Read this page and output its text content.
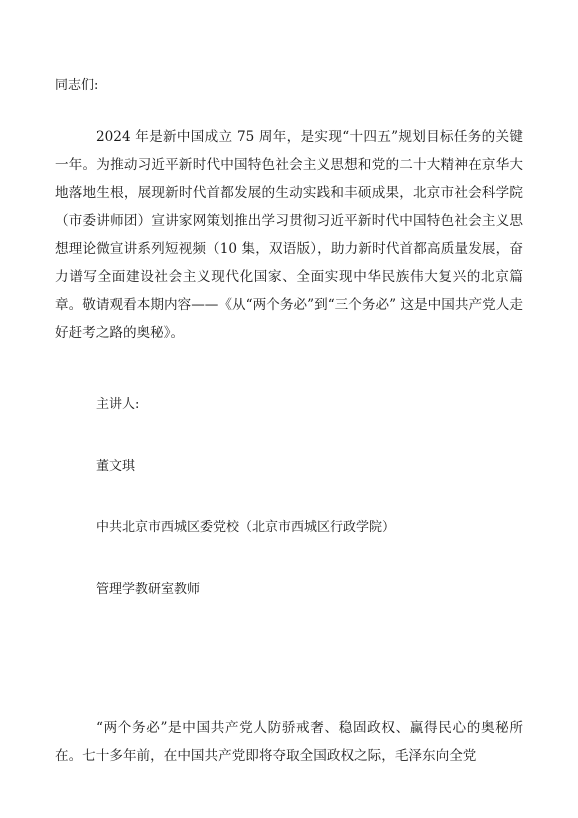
同志们:

2024 年是新中国成立 75 周年，是实现“十四五”规划目标任务的关键一年。为推动习近平新时代中国特色社会主义思想和党的二十大精神在京华大地落地生根，展现新时代首都发展的生动实践和丰硕成果，北京市社会科学院（市委讲师团）宣讲家网策划推出学习贯彻习近平新时代中国特色社会主义思想理论微宣讲系列短视频（10 集，双语版），助力新时代首都高质量发展，奋力谱写全面建设社会主义现代化国家、全面实现中华民族伟大复兴的北京篇章。敬请观看本期内容——《从“两个务必”到“三个务必” 这是中国共产党人走好赶考之路的奥秘》。

主讲人:

董文琪

中共北京市西城区委党校（北京市西城区行政学院）

管理学教研室教师

“两个务必”是中国共产党人防骄戒奢、稳固政权、赢得民心的奥秘所在。七十多年前，在中国共产党即将夺取全国政权之际，毛泽东向全党
